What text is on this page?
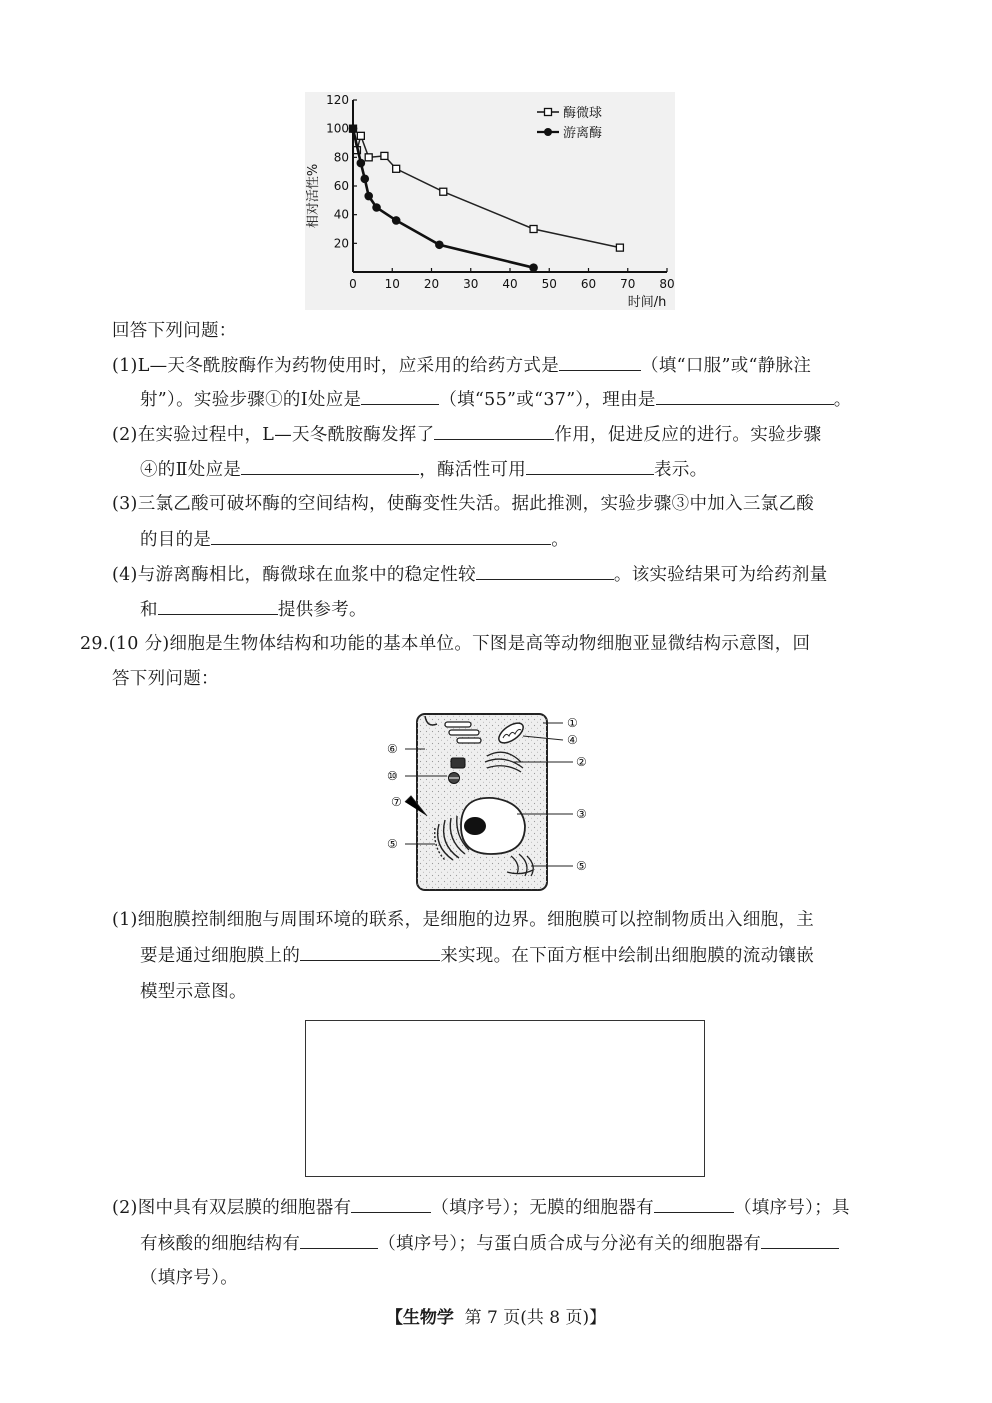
0 10 20 30 40 50 60 70 80
20
40
60
80
100
120
时间/h
相对活性%
酶微球
游离酶
回答下列问题：
(1)L—天冬酰胺酶作为药物使用时，应采用的给药方式是	（填“口服”或“静脉注
射”）。实验步骤①的Ⅰ处应是	（填“55”或“37”），理由是	。
(2)在实验过程中，L—天冬酰胺酶发挥了	作用，促进反应的进行。实验步骤
④的Ⅱ处应是	，酶活性可用	表示。
(3)三氯乙酸可破坏酶的空间结构，使酶变性失活。据此推测，实验步骤③中加入三氯乙酸
的目的是	。
(4)与游离酶相比，酶微球在血浆中的稳定性较	。该实验结果可为给药剂量
和	提供参考。
29.(10 分)细胞是生物体结构和功能的基本单位。下图是高等动物细胞亚显微结构示意图，回
答下列问题：
①
④
②
③
⑤
⑥
⑩
⑦
⑤
(1)细胞膜控制细胞与周围环境的联系，是细胞的边界。细胞膜可以控制物质出入细胞，主
要是通过细胞膜上的	来实现。在下面方框中绘制出细胞膜的流动镶嵌
模型示意图。
(2)图中具有双层膜的细胞器有	（填序号）；无膜的细胞器有	（填序号）；具
有核酸的细胞结构有	（填序号）；与蛋白质合成与分泌有关的细胞器有
（填序号）。
【生物学 第 7 页(共 8 页)】
